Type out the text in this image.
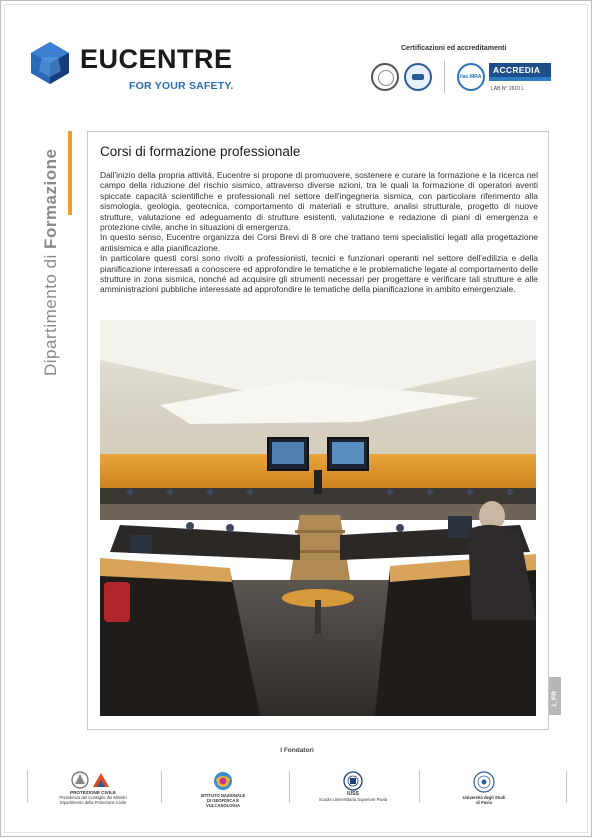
EUCENTRE
FOR YOUR SAFETY.
Certificazioni ed accreditamenti
ilac-MRA
ACCREDIA
LAB N° 2610 L
Dipartimento di Formazione	Corsi di formazione professionale

Dall'inizio della propria attività, Eucentre si propone di promuovere, sostenere e curare la formazione e la ricerca nel campo della riduzione del rischio sismico, attraverso diverse azioni, tra le quali la formazione di operatori aventi spiccate capacità scientifiche e professionali nel settore dell'ingegneria sismica, con particolare riferimento alla sismologia, geologia, geotecnica, comportamento di materiali e strutture, analisi strutturale, progetto di nuove strutture, valutazione ed adeguamento di strutture esistenti, valutazione e redazione di piani di emergenza e protezione civile, anche in situazioni di emergenza.

In questo senso, Eucentre organizza dei Corsi Brevi di 8 ore che trattano temi specialistici legati alla progettazione antisismica e alla pianificazione.

In particolare questi corsi sono rivolti a professionisti, tecnici e funzionari operanti nel settore dell'edilizia e della pianificazione interessati a conoscere ed approfondire le tematiche e le problematiche legate al comportamento delle strutture in zona sismica, nonché ad acquisire gli strumenti necessari per progettare e verificare tali strutture e alle amministrazioni pubbliche interessate ad approfondire le tematiche della pianificazione in ambito emergenziale.

1_FR
I Fondatori
PROTEZIONE CIVILE
Presidenza del Consiglio dei Ministri
Dipartimento della Protezione Civile
ISTITUTO NAZIONALE
DI GEOFISICA E VULCANOLOGIA
IUSS
Scuola Universitaria Superiore Pavia	Università degli Studi
di Pavia
